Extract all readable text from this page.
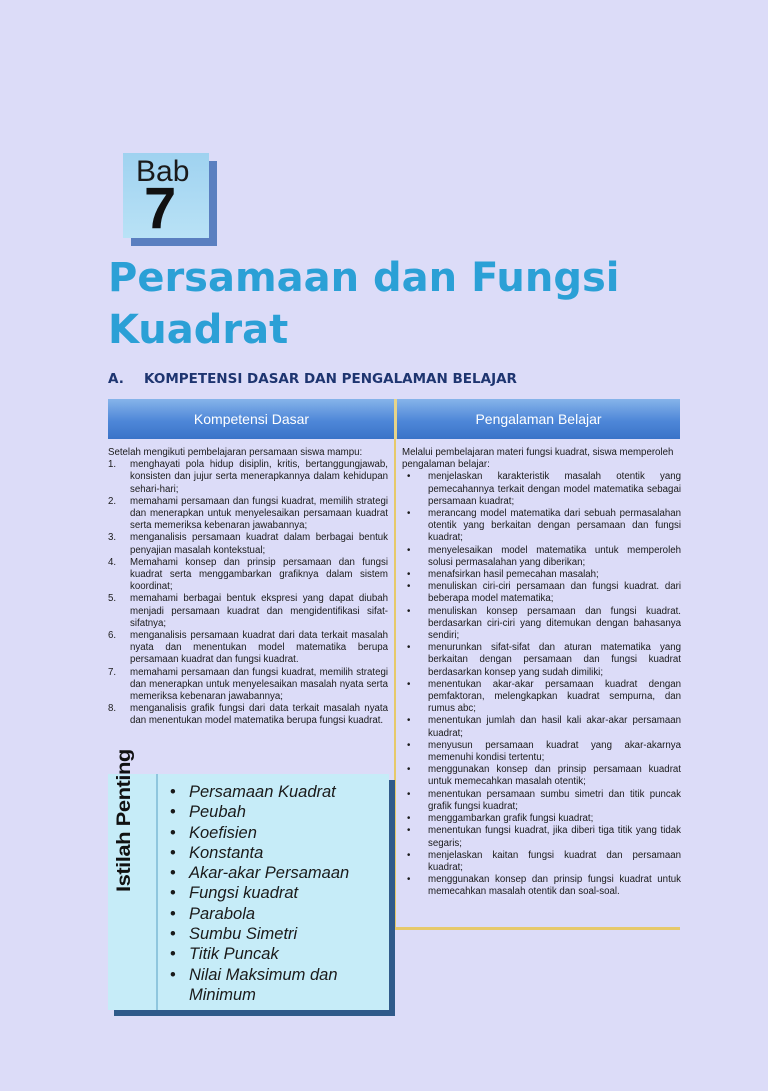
Bab
7
Persamaan dan Fungsi
Kuadrat
A. KOMPETENSI DASAR DAN PENGALAMAN BELAJAR
Kompetensi Dasar	Pengalaman Belajar

Setelah mengikuti pembelajaran persamaan siswa mampu:

1.	menghayati pola hidup disiplin, kritis, bertanggungjawab, konsisten dan jujur serta menerapkannya dalam kehidupan sehari-hari;
2.	memahami persamaan dan fungsi kuadrat, memilih strategi dan menerapkan untuk menyelesaikan persamaan kuadrat serta memeriksa kebenaran jawabannya;
3.	menganalisis persamaan kuadrat dalam berbagai bentuk penyajian masalah kontekstual;
4.	Memahami konsep dan prinsip persamaan dan fungsi kuadrat serta menggambarkan grafiknya dalam sistem koordinat;
5.	memahami berbagai bentuk ekspresi yang dapat diubah menjadi persamaan kuadrat dan mengidentifikasi sifat-sifatnya;
6.	menganalisis persamaan kuadrat dari data terkait masalah nyata dan menentukan model matematika berupa persamaan kuadrat dan fungsi kuadrat.
7.	memahami persamaan dan fungsi kuadrat, memilih strategi dan menerapkan untuk menyelesaikan masalah nyata serta memeriksa kebenaran jawabannya;
8.	menganalisis grafik fungsi dari data terkait masalah nyata dan menentukan model matematika berupa fungsi kuadrat.

Melalui pembelajaran materi fungsi kuadrat, siswa memperoleh pengalaman belajar:

•	menjelaskan karakteristik masalah otentik yang pemecahannya terkait dengan model matematika sebagai persamaan kuadrat;
•	merancang model matematika dari sebuah permasalahan otentik yang berkaitan dengan persamaan dan fungsi kuadrat;
•	menyelesaikan model matematika untuk memperoleh solusi permasalahan yang diberikan;
•	menafsirkan hasil pemecahan masalah;
•	menuliskan ciri-ciri persamaan dan fungsi kuadrat. dari beberapa model matematika;
•	menuliskan konsep persamaan dan fungsi kuadrat. berdasarkan ciri-ciri yang ditemukan dengan bahasanya sendiri;
•	menurunkan sifat-sifat dan aturan matematika yang berkaitan dengan persamaan dan fungsi kuadrat berdasarkan konsep yang sudah dimiliki;
•	menentukan akar-akar persamaan kuadrat dengan pemfaktoran, melengkapkan kuadrat sempurna, dan rumus abc;
•	menentukan jumlah dan hasil kali akar-akar persamaan kuadrat;
•	menyusun persamaan kuadrat yang akar-akarnya memenuhi kondisi tertentu;
•	menggunakan konsep dan prinsip persamaan kuadrat untuk memecahkan masalah otentik;
•	menentukan persamaan sumbu simetri dan titik puncak grafik fungsi kuadrat;
•	menggambarkan grafik fungsi kuadrat;
•	menentukan fungsi kuadrat, jika diberi tiga titik yang tidak segaris;
•	menjelaskan kaitan fungsi kuadrat dan persamaan kuadrat;
•	menggunakan konsep dan prinsip fungsi kuadrat untuk memecahkan masalah otentik dan soal-soal.
Istilah Penting • Persamaan Kuadrat
• Peubah
• Koefisien
• Konstanta
• Akar-akar Persamaan
• Fungsi kuadrat
• Parabola
• Sumbu Simetri
• Titik Puncak
• Nilai Maksimum dan Minimum
